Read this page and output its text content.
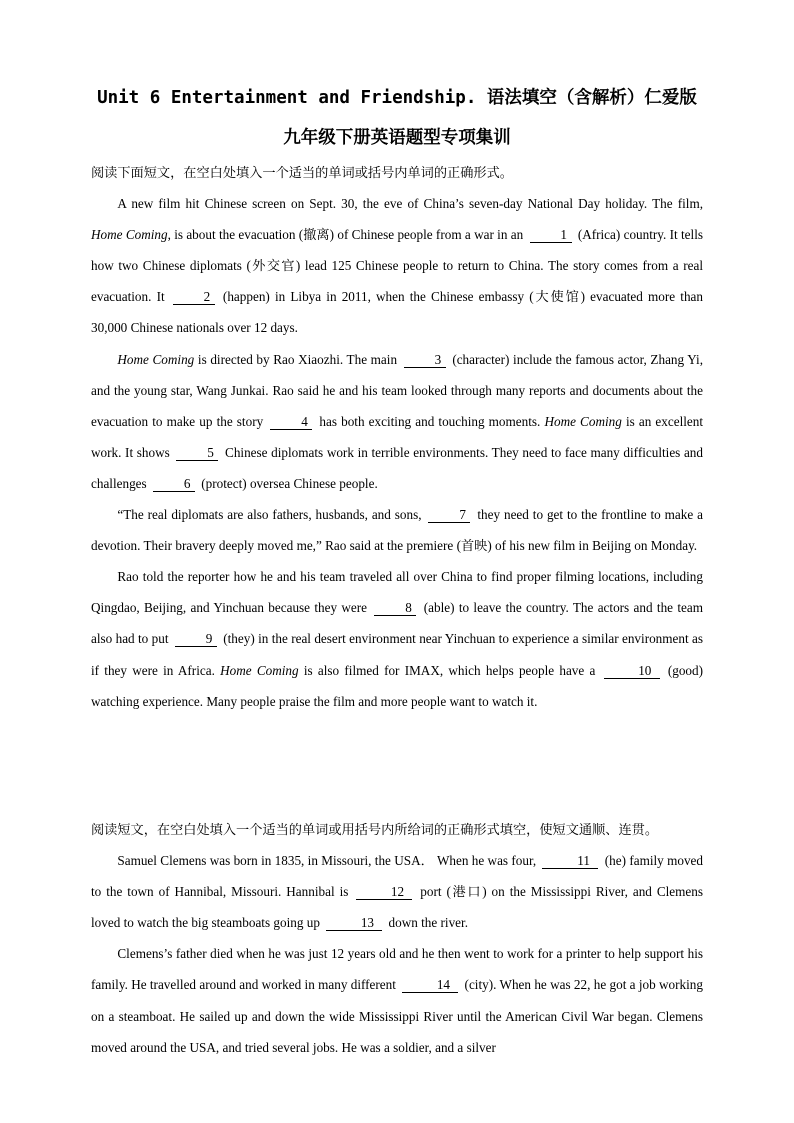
Unit 6 Entertainment and Friendship. 语法填空（含解析）仁爱版
九年级下册英语题型专项集训

阅读下面短文，在空白处填入一个适当的单词或括号内单词的正确形式。

A new film hit Chinese screen on Sept. 30, the eve of China’s seven-day National Day holiday. The film, Home Coming, is about the evacuation (撤离) of Chinese people from a war in an	1 (Africa) country. It tells how two Chinese diplomats (外交官) lead 125 Chinese people to return to China. The story comes from a real evacuation. It	2 (happen) in Libya in 2011, when the Chinese embassy (大使馆) evacuated more than 30,000 Chinese nationals over 12 days.

Home Coming is directed by Rao Xiaozhi. The main	3 (character) include the famous actor, Zhang Yi, and the young star, Wang Junkai. Rao said he and his team looked through many reports and documents about the evacuation to make up the story	4 has both exciting and touching moments. Home Coming is an excellent work. It shows	5 Chinese diplomats work in terrible environments. They need to face many difficulties and challenges	6 (protect) oversea Chinese people.

“The real diplomats are also fathers, husbands, and sons,	7 they need to get to the frontline to make a devotion. Their bravery deeply moved me,” Rao said at the premiere (首映) of his new film in Beijing on Monday.

Rao told the reporter how he and his team traveled all over China to find proper filming locations, including Qingdao, Beijing, and Yinchuan because they were	8 (able) to leave the country. The actors and the team also had to put	9 (they) in the real desert environment near Yinchuan to experience a similar environment as if they were in Africa. Home Coming is also filmed for IMAX, which helps people have a	10 (good) watching experience. Many people praise the film and more people want to watch it.

阅读短文，在空白处填入一个适当的单词或用括号内所给词的正确形式填空，使短文通顺、连贯。

Samuel Clemens was born in 1835, in Missouri, the USA． When he was four,	11 (he) family moved to the town of Hannibal, Missouri. Hannibal is	12 port (港口) on the Mississippi River, and Clemens loved to watch the big steamboats going up	13 down the river.

Clemens’s father died when he was just 12 years old and he then went to work for a printer to help support his family. He travelled around and worked in many different	14 (city). When he was 22, he got a job working on a steamboat. He sailed up and down the wide Mississippi River until the American Civil War began. Clemens moved around the USA, and tried several jobs. He was a soldier, and a silver
